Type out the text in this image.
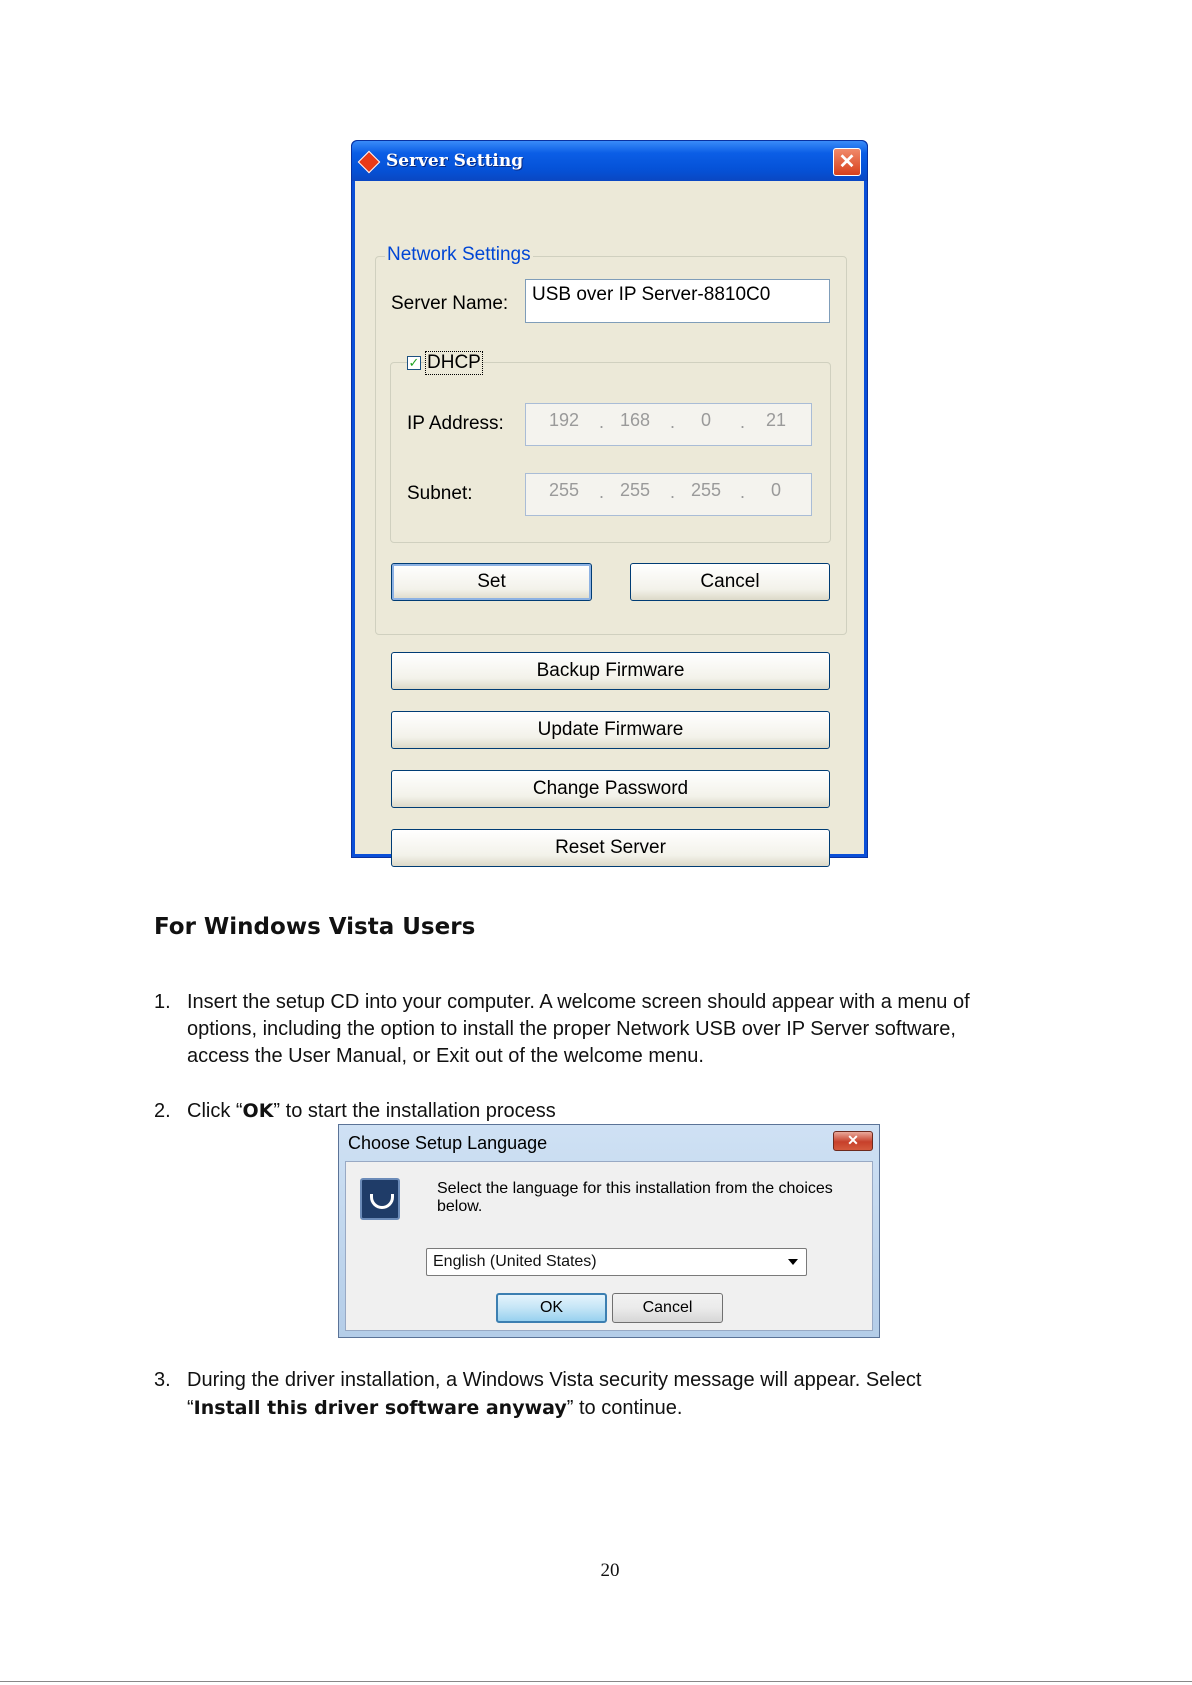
Server Setting	✕
Network Settings
Server Name:	USB over IP Server-8810C0
✓ DHCP
IP Address:	192	. 168	.	0	.	21
Subnet:	255	. 255	. 255	.	0
Set	Cancel
Backup Firmware
Update Firmware
Change Password
Reset Server
For Windows Vista Users
1. Insert the setup CD into your computer. A welcome screen should appear with a menu of
options, including the option to install the proper Network USB over IP Server software,
access the User Manual, or Exit out of the welcome menu.
2. Click “OK” to start the installation process
Choose Setup Language	✕
Select the language for this installation from the choices below.
English (United States)
OK	Cancel
3. During the driver installation, a Windows Vista security message will appear. Select
“Install this driver software anyway” to continue.
20
